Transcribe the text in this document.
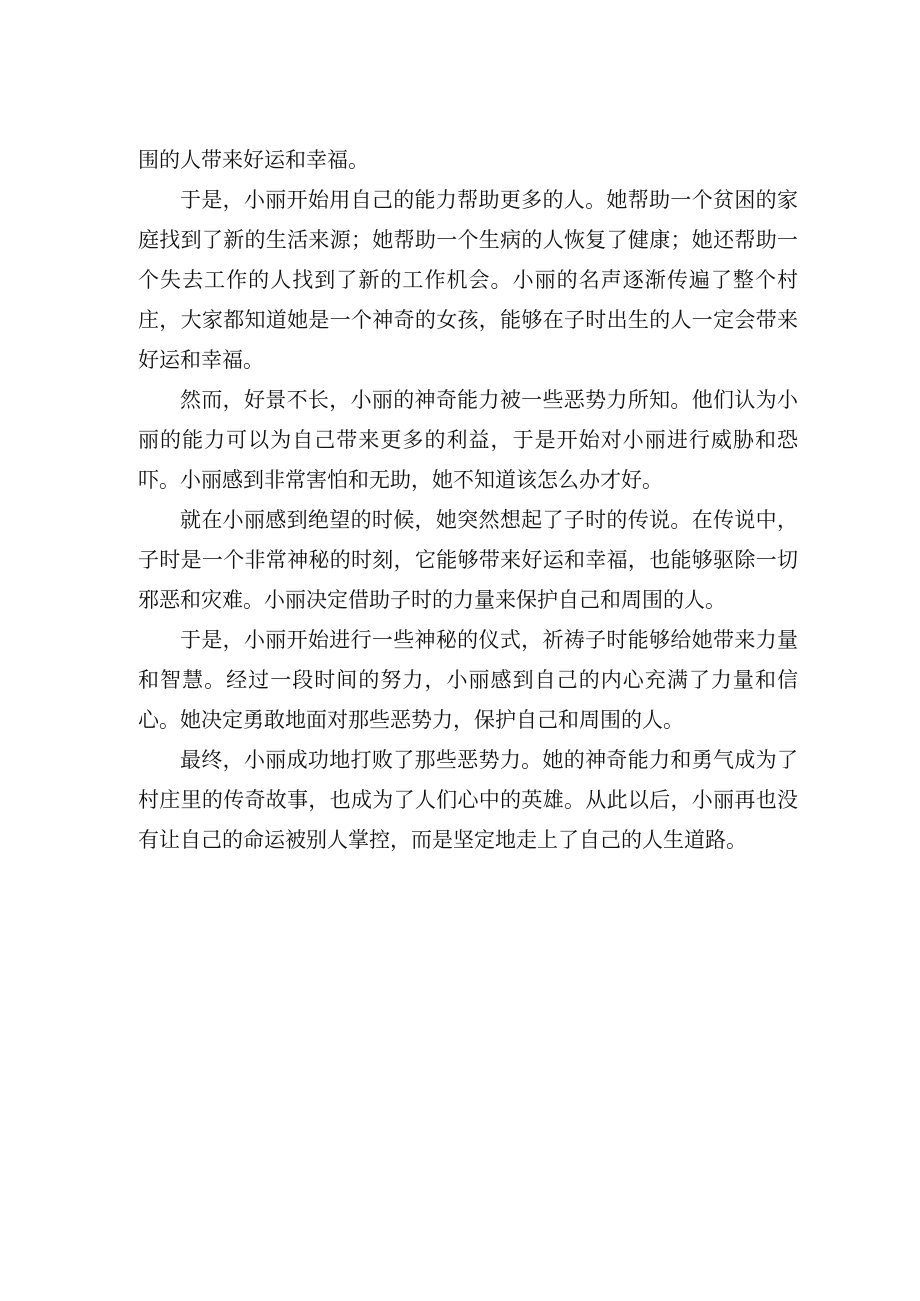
围的人带来好运和幸福。

于是，小丽开始用自己的能力帮助更多的人。她帮助一个贫困的家庭找到了新的生活来源；她帮助一个生病的人恢复了健康；她还帮助一个失去工作的人找到了新的工作机会。小丽的名声逐渐传遍了整个村庄，大家都知道她是一个神奇的女孩，能够在子时出生的人一定会带来好运和幸福。

然而，好景不长，小丽的神奇能力被一些恶势力所知。他们认为小丽的能力可以为自己带来更多的利益，于是开始对小丽进行威胁和恐吓。小丽感到非常害怕和无助，她不知道该怎么办才好。

就在小丽感到绝望的时候，她突然想起了子时的传说。在传说中，子时是一个非常神秘的时刻，它能够带来好运和幸福，也能够驱除一切邪恶和灾难。小丽决定借助子时的力量来保护自己和周围的人。

于是，小丽开始进行一些神秘的仪式，祈祷子时能够给她带来力量和智慧。经过一段时间的努力，小丽感到自己的内心充满了力量和信心。她决定勇敢地面对那些恶势力，保护自己和周围的人。

最终，小丽成功地打败了那些恶势力。她的神奇能力和勇气成为了村庄里的传奇故事，也成为了人们心中的英雄。从此以后，小丽再也没有让自己的命运被别人掌控，而是坚定地走上了自己的人生道路。
